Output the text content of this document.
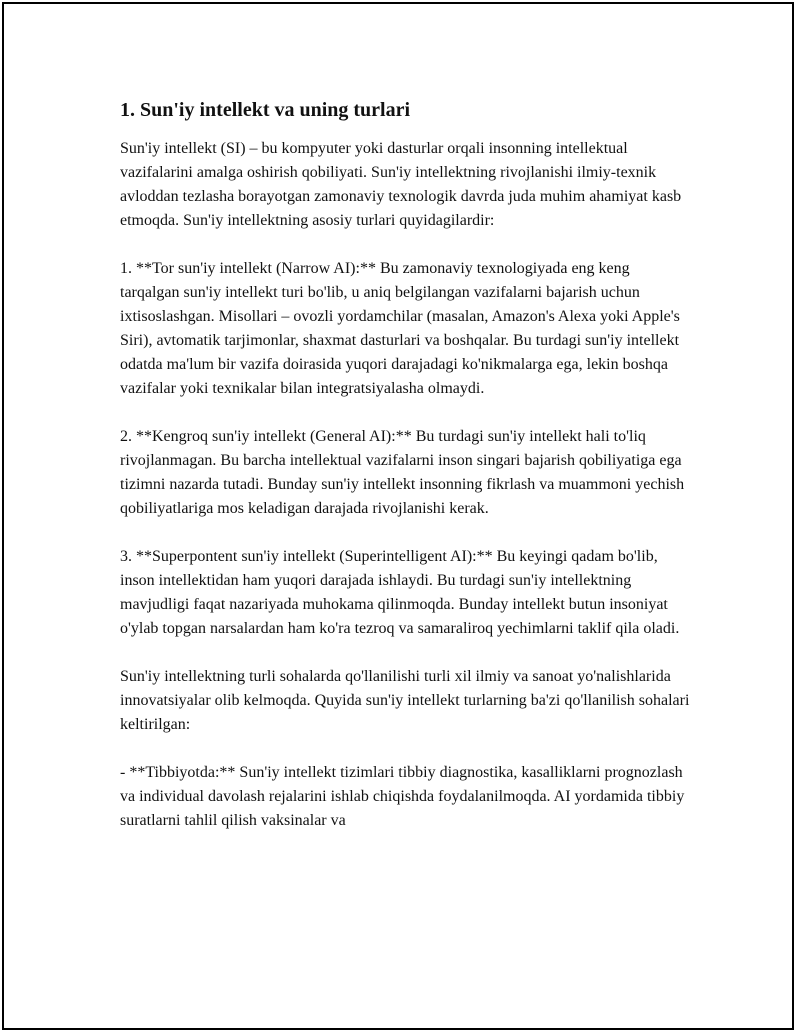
1. Sun'iy intellekt va uning turlari

Sun'iy intellekt (SI) – bu kompyuter yoki dasturlar orqali insonning intellektual vazifalarini amalga oshirish qobiliyati. Sun'iy intellektning rivojlanishi ilmiy-texnik avloddan tezlasha borayotgan zamonaviy texnologik davrda juda muhim ahamiyat kasb etmoqda. Sun'iy intellektning asosiy turlari quyidagilardir:

1. **Tor sun'iy intellekt (Narrow AI):** Bu zamonaviy texnologiyada eng keng tarqalgan sun'iy intellekt turi bo'lib, u aniq belgilangan vazifalarni bajarish uchun ixtisoslashgan. Misollari – ovozli yordamchilar (masalan, Amazon's Alexa yoki Apple's Siri), avtomatik tarjimonlar, shaxmat dasturlari va boshqalar. Bu turdagi sun'iy intellekt odatda ma'lum bir vazifa doirasida yuqori darajadagi ko'nikmalarga ega, lekin boshqa vazifalar yoki texnikalar bilan integratsiyalasha olmaydi.

2. **Kengroq sun'iy intellekt (General AI):** Bu turdagi sun'iy intellekt hali to'liq rivojlanmagan. Bu barcha intellektual vazifalarni inson singari bajarish qobiliyatiga ega tizimni nazarda tutadi. Bunday sun'iy intellekt insonning fikrlash va muammoni yechish qobiliyatlariga mos keladigan darajada rivojlanishi kerak.

3. **Superpontent sun'iy intellekt (Superintelligent AI):** Bu keyingi qadam bo'lib, inson intellektidan ham yuqori darajada ishlaydi. Bu turdagi sun'iy intellektning mavjudligi faqat nazariyada muhokama qilinmoqda. Bunday intellekt butun insoniyat o'ylab topgan narsalardan ham ko'ra tezroq va samaraliroq yechimlarni taklif qila oladi.

Sun'iy intellektning turli sohalarda qo'llanilishi turli xil ilmiy va sanoat yo'nalishlarida innovatsiyalar olib kelmoqda. Quyida sun'iy intellekt turlarning ba'zi qo'llanilish sohalari keltirilgan:

- **Tibbiyotda:** Sun'iy intellekt tizimlari tibbiy diagnostika, kasalliklarni prognozlash va individual davolash rejalarini ishlab chiqishda foydalanilmoqda. AI yordamida tibbiy suratlarni tahlil qilish vaksinalar va
